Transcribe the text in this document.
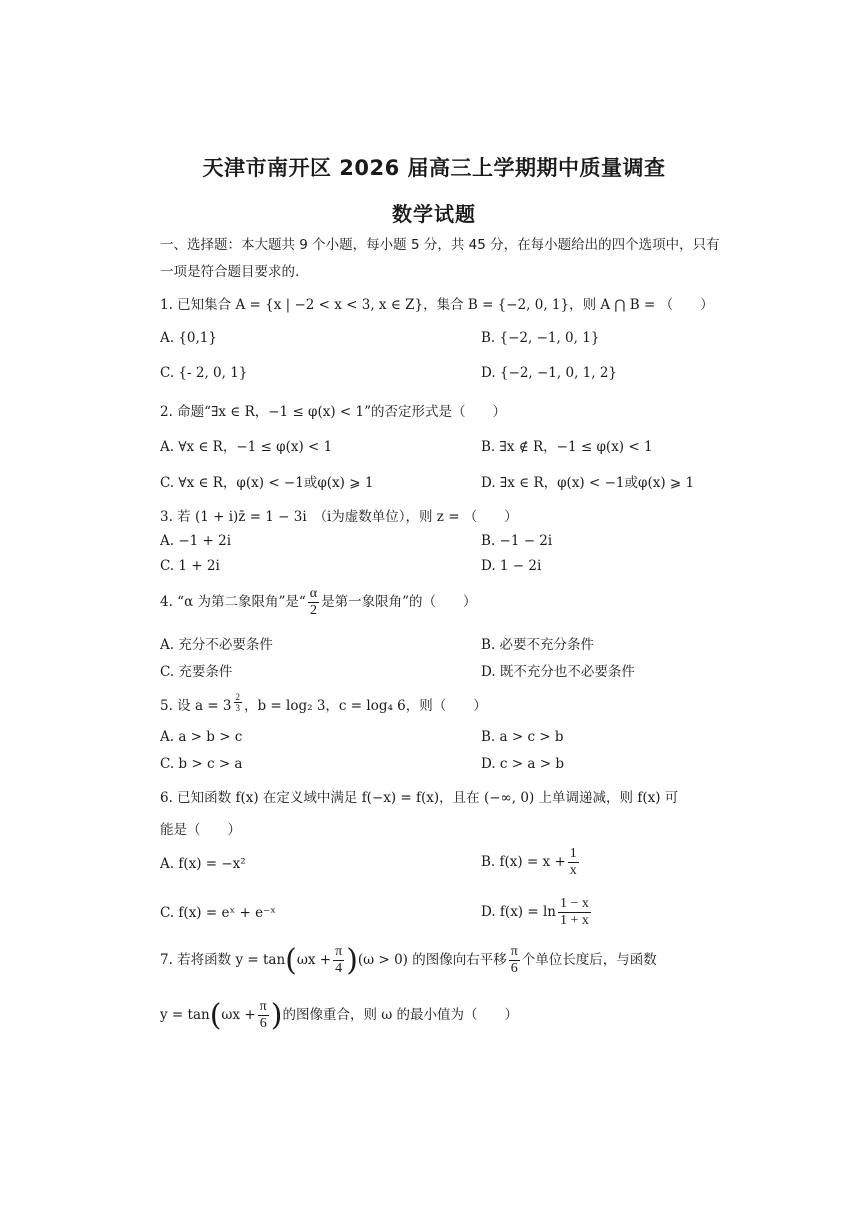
天津市南开区 2026 届高三上学期期中质量调查
数学试题
一、选择题：本大题共 9 个小题，每小题 5 分，共 45 分，在每小题给出的四个选项中，只有一项是符合题目要求的.
1. 已知集合 A = {x | −2 < x < 3, x ∈ Z}，集合 B = {−2, 0, 1}，则 A ⋂ B = （　　）
A. {0,1}	B. {−2, −1, 0, 1}
C. {- 2, 0, 1}	D. {−2, −1, 0, 1, 2}
2. 命题“∃x ∈ R，−1 ≤ φ(x) < 1”的否定形式是（　　）
A. ∀x ∈ R，−1 ≤ φ(x) < 1	B. ∃x ∉ R，−1 ≤ φ(x) < 1
C. ∀x ∈ R，φ(x) < −1或φ(x) ⩾ 1	D. ∃x ∈ R，φ(x) < −1或φ(x) ⩾ 1
3. 若 (1 + i)z̄ = 1 − 3i　（i为虚数单位），则 z = （　　）
A. −1 + 2i	B. −1 − 2i
C. 1 + 2i	D. 1 − 2i
4. “α 为第二象限角”是“ $\frac{\alpha}{2}$ 是第一象限角”的（　　）
A. 充分不必要条件	B. 必要不充分条件
C. 充要条件	D. 既不充分也不必要条件
5. 设 a = 3 $^{\frac{2}{3}}$ ，b = log₂ 3，c = log₄ 6，则（　　）
A. a > b > c	B. a > c > b
C. b > c > a	D. c > a > b
6. 已知函数 f(x) 在定义域中满足 f(−x) = f(x)，且在 (−∞, 0) 上单调递减，则 f(x) 可
能是（　　）
A. f(x) = −x²	B. $f(x) = x + \frac{1}{x}$
C. f(x) = eˣ + e⁻ˣ	D. $f(x) = \ln \frac{1 - x}{1 + x}$
7. 若将函数 $y = \tan(\omega x + \frac{\pi}{4} )(\omega > 0)$ 的图像向右平移 $\frac{\pi}{6}$ 个单位长度后，与函数
$y = \tan(\omega x + \frac{\pi}{6}$ )的图像重合，则 ω 的最小值为（　　）
